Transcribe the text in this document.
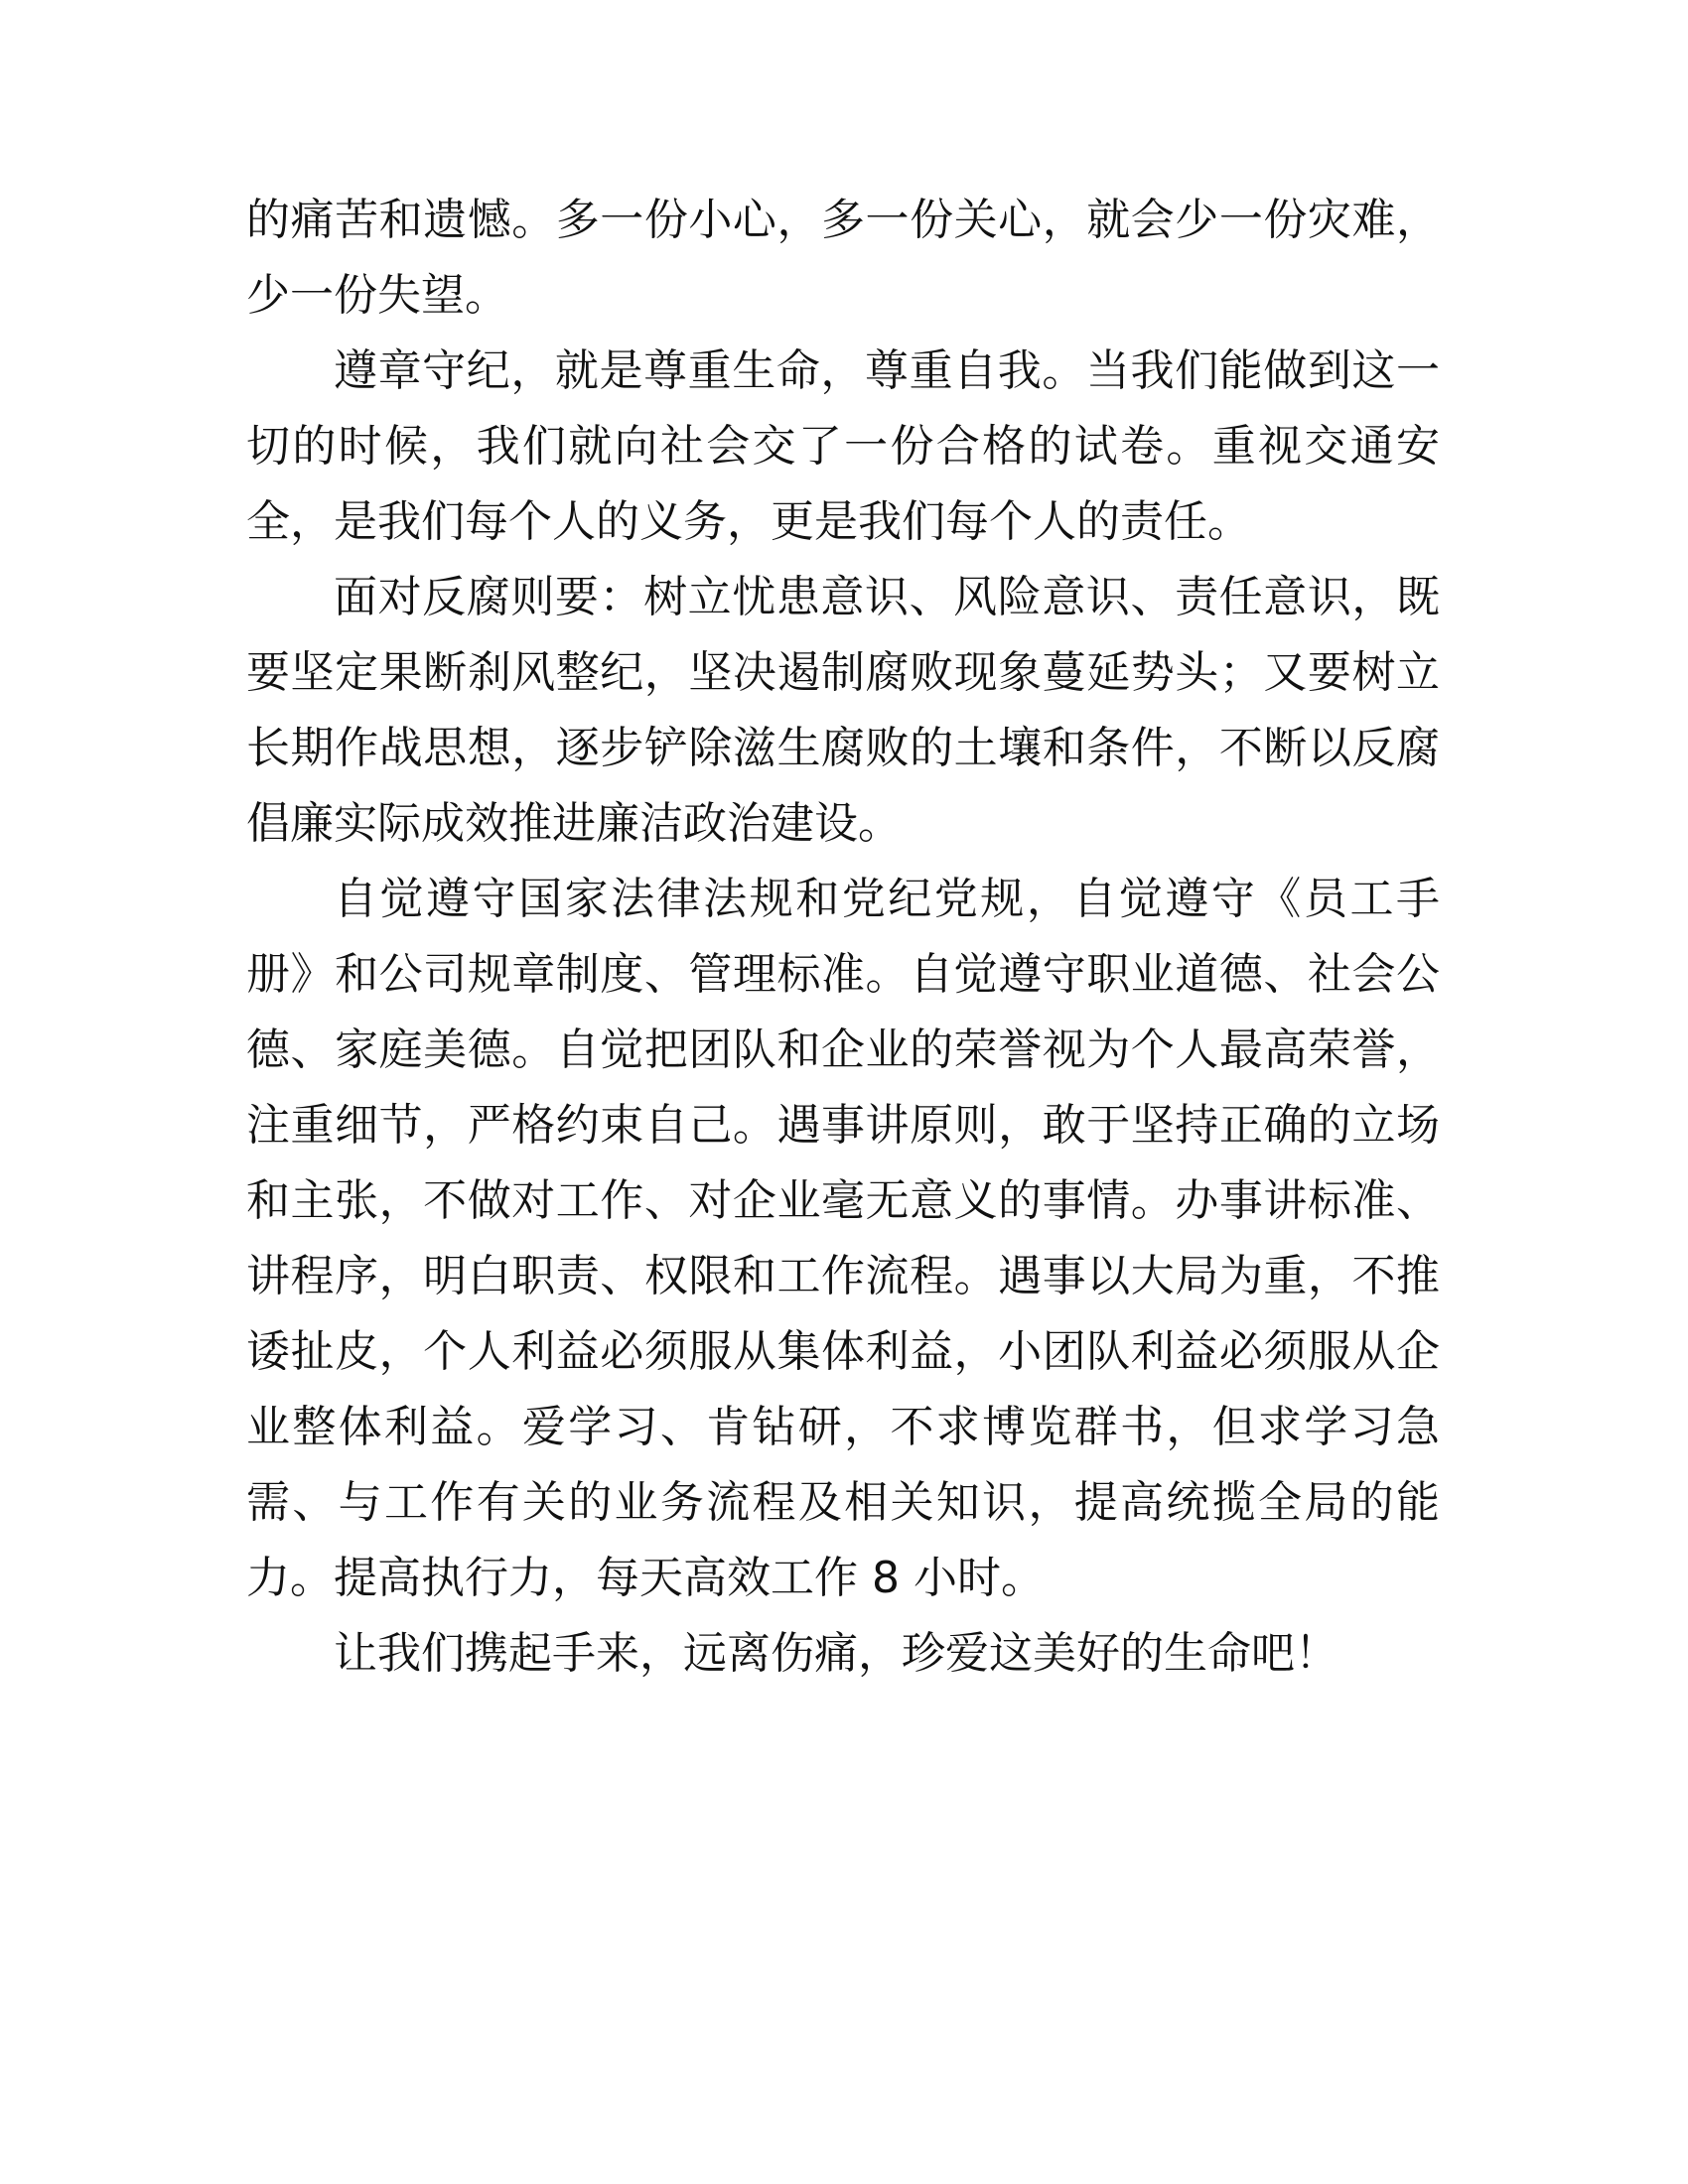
的痛苦和遗憾。多一份小心，多一份关心，就会少一份灾难，少一份失望。

遵章守纪，就是尊重生命，尊重自我。当我们能做到这一切的时候，我们就向社会交了一份合格的试卷。重视交通安全，是我们每个人的义务，更是我们每个人的责任。

面对反腐则要：树立忧患意识、风险意识、责任意识，既要坚定果断刹风整纪，坚决遏制腐败现象蔓延势头；又要树立长期作战思想，逐步铲除滋生腐败的土壤和条件，不断以反腐倡廉实际成效推进廉洁政治建设。

自觉遵守国家法律法规和党纪党规，自觉遵守《员工手册》和公司规章制度、管理标准。自觉遵守职业道德、社会公德、家庭美德。自觉把团队和企业的荣誉视为个人最高荣誉，注重细节，严格约束自己。遇事讲原则，敢于坚持正确的立场和主张，不做对工作、对企业毫无意义的事情。办事讲标准、讲程序，明白职责、权限和工作流程。遇事以大局为重，不推诿扯皮，个人利益必须服从集体利益，小团队利益必须服从企业整体利益。爱学习、肯钻研，不求博览群书，但求学习急需、与工作有关的业务流程及相关知识，提高统揽全局的能力。提高执行力，每天高效工作 8 小时。

让我们携起手来，远离伤痛，珍爱这美好的生命吧！
